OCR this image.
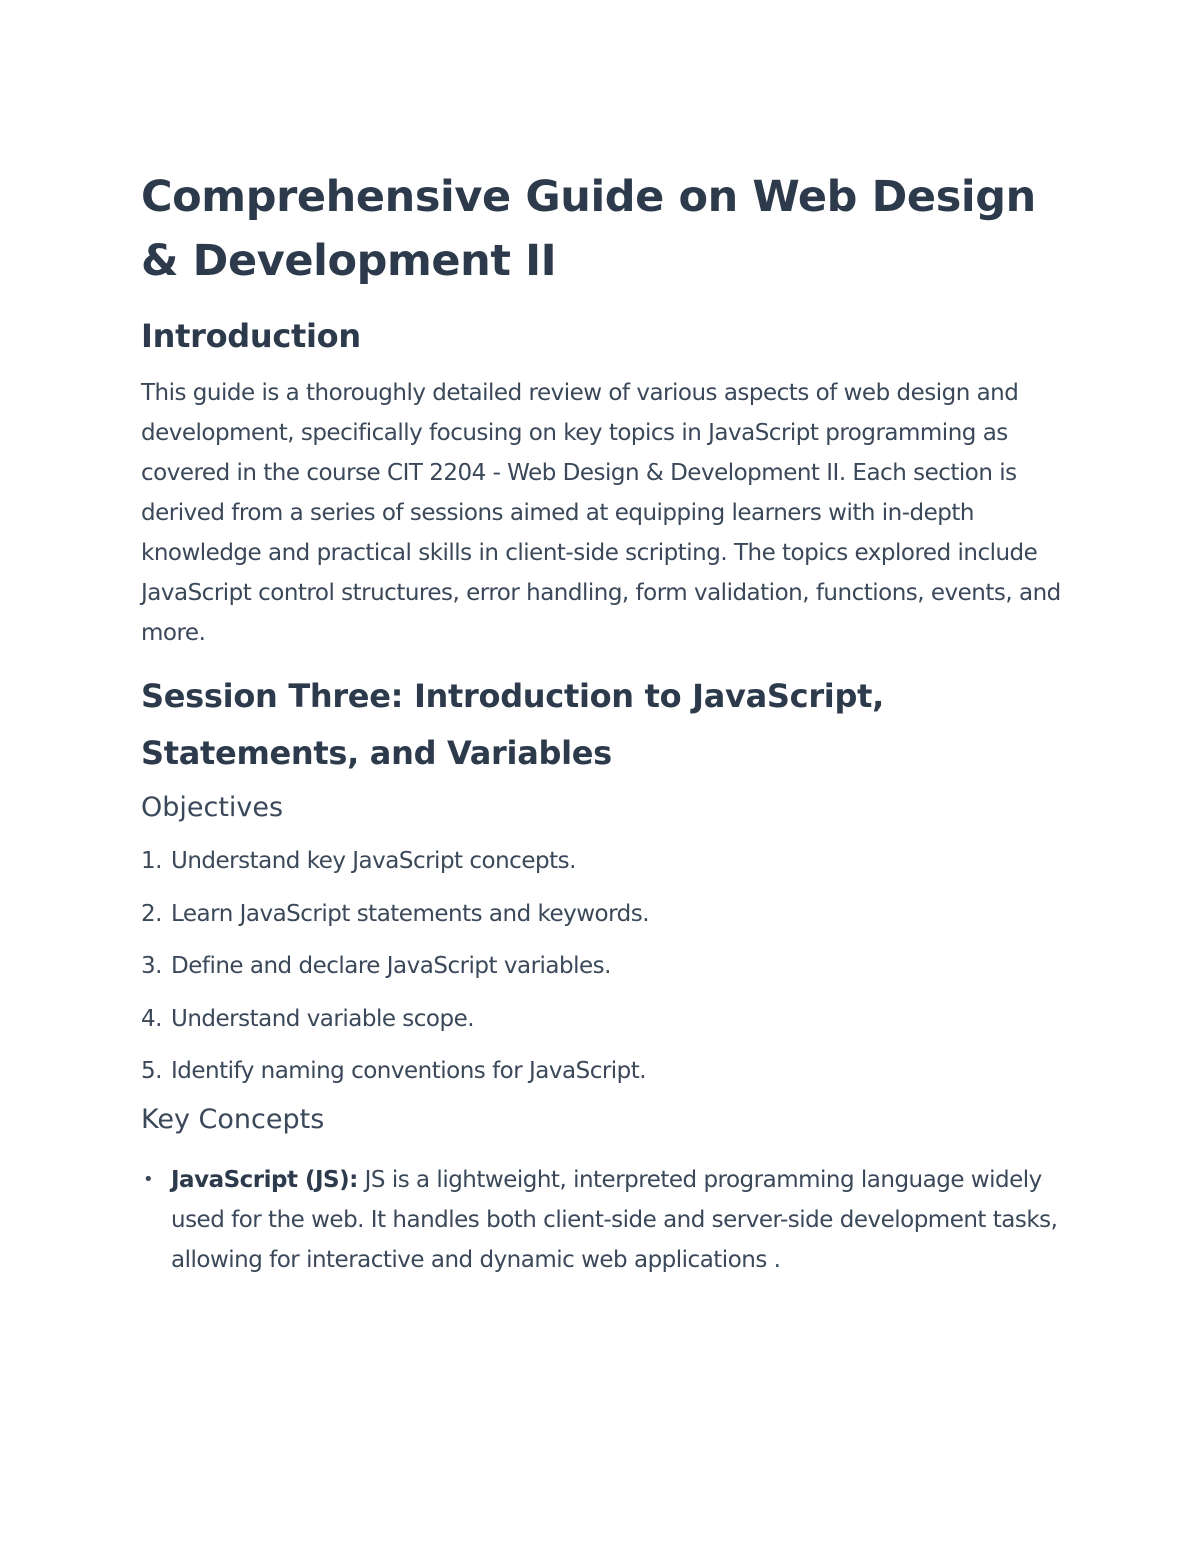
Comprehensive Guide on Web Design & Development II
Introduction

This guide is a thoroughly detailed review of various aspects of web design and development, specifically focusing on key topics in JavaScript programming as covered in the course CIT 2204 - Web Design & Development II. Each section is derived from a series of sessions aimed at equipping learners with in-depth knowledge and practical skills in client-side scripting. The topics explored include JavaScript control structures, error handling, form validation, functions, events, and more.

Session Three: Introduction to JavaScript, Statements, and Variables
Objectives
1. Understand key JavaScript concepts.
2. Learn JavaScript statements and keywords.
3. Define and declare JavaScript variables.
4. Understand variable scope.
5. Identify naming conventions for JavaScript.
Key Concepts
• JavaScript (JS): JS is a lightweight, interpreted programming language widely used for the web. It handles both client-side and server-side development tasks, allowing for interactive and dynamic web applications .
